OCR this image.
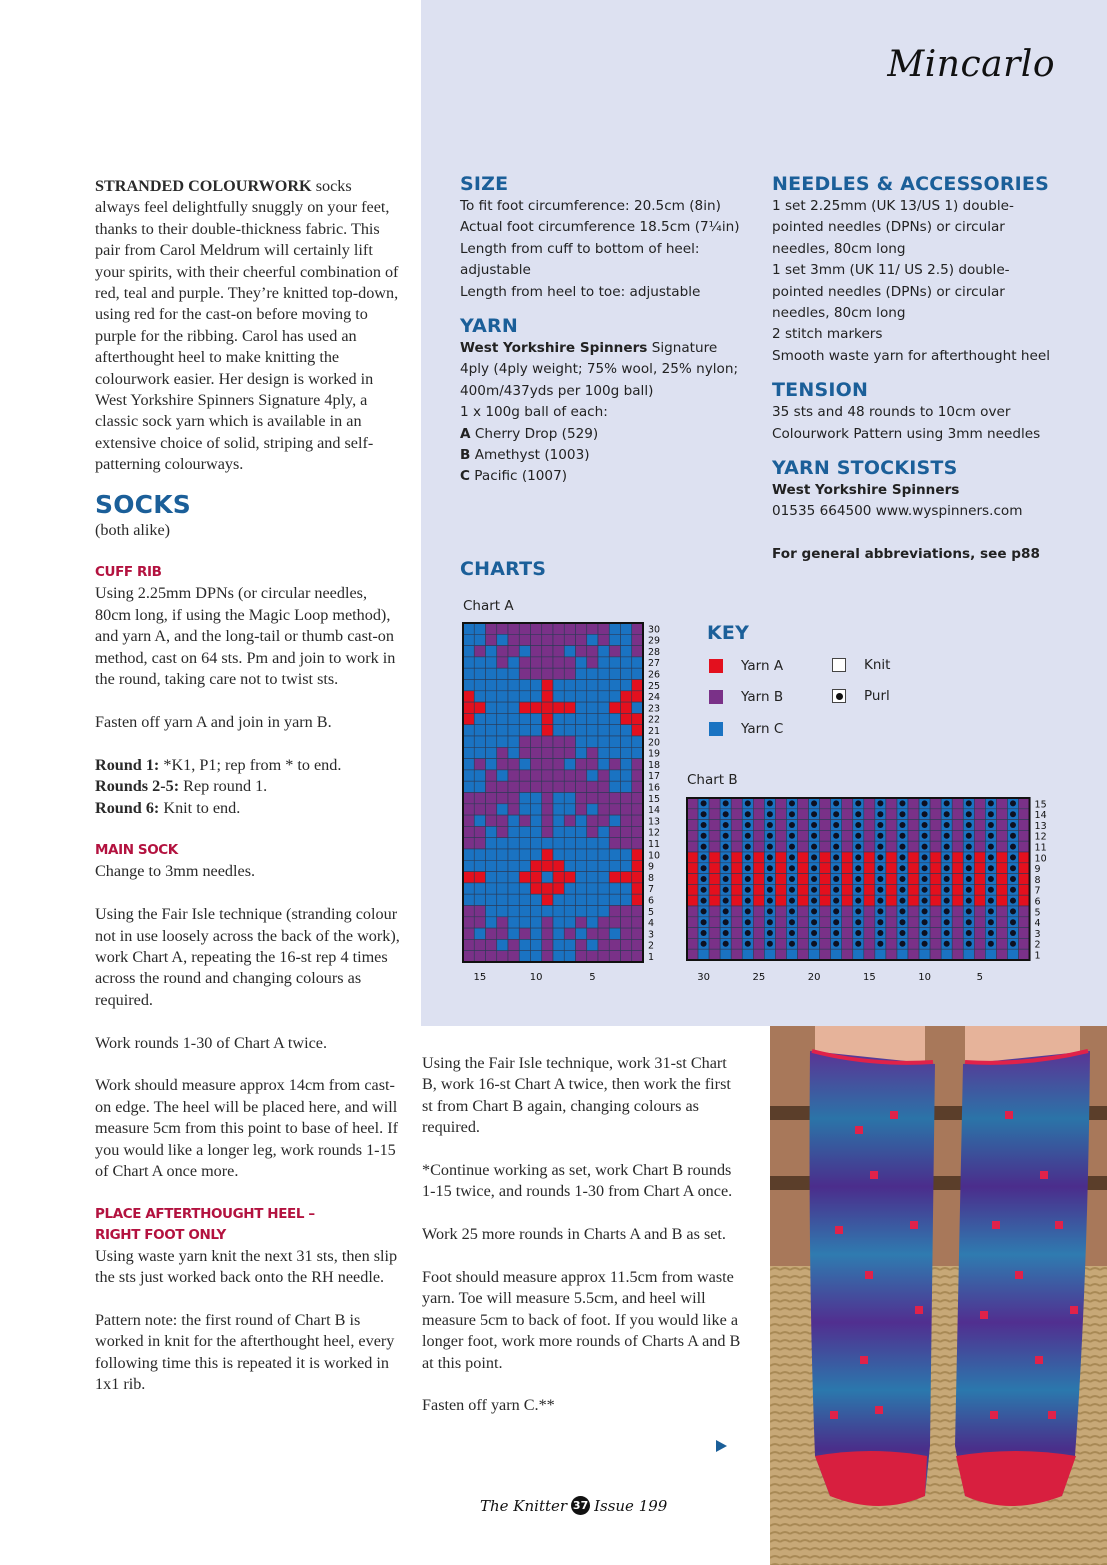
Mincarlo

STRANDED COLOURWORK socks always feel delightfully snuggly on your feet, thanks to their double-thickness fabric. This pair from Carol Meldrum will certainly lift your spirits, with their cheerful combination of red, teal and purple. They’re knitted top-down, using red for the cast-on before moving to purple for the ribbing. Carol has used an afterthought heel to make knitting the colourwork easier. Her design is worked in West Yorkshire Spinners Signature 4ply, a classic sock yarn which is available in an extensive choice of solid, striping and self-patterning colourways.

SOCKS

(both alike)

CUFF RIB

Using 2.25mm DPNs (or circular needles, 80cm long, if using the Magic Loop method), and yarn A, and the long-tail or thumb cast-on method, cast on 64 sts. Pm and join to work in the round, taking care not to twist sts.

Fasten off yarn A and join in yarn B.

Round 1: *K1, P1; rep from * to end.

Rounds 2-5: Rep round 1.

Round 6: Knit to end.

MAIN SOCK

Change to 3mm needles.

Using the Fair Isle technique (stranding colour not in use loosely across the back of the work), work Chart A, repeating the 16-st rep 4 times across the round and changing colours as required.

Work rounds 1-30 of Chart A twice.

Work should measure approx 14cm from cast-on edge. The heel will be placed here, and will measure 5cm from this point to base of heel. If you would like a longer leg, work rounds 1-15 of Chart A once more.

PLACE AFTERTHOUGHT HEEL –
RIGHT FOOT ONLY

Using waste yarn knit the next 31 sts, then slip the sts just worked back onto the RH needle.

Pattern note: the first round of Chart B is worked in knit for the afterthought heel, every following time this is repeated it is worked in 1x1 rib.

Using the Fair Isle technique, work 31-st Chart B, work 16-st Chart A twice, then work the first st from Chart B again, changing colours as required.

*Continue working as set, work Chart B rounds 1-15 twice, and rounds 1-30 from Chart A once.

Work 25 more rounds in Charts A and B as set.

Foot should measure approx 11.5cm from waste yarn. Toe will measure 5.5cm, and heel will measure 5cm to back of foot. If you would like a longer foot, work more rounds of Charts A and B at this point.

Fasten off yarn C.**

SIZE

To fit foot circumference: 20.5cm (8in)

Actual foot circumference 18.5cm (7¼in)

Length from cuff to bottom of heel: adjustable

Length from heel to toe: adjustable

YARN

West Yorkshire Spinners Signature 4ply (4ply weight; 75% wool, 25% nylon; 400m/437yds per 100g ball)

1 x 100g ball of each:

A Cherry Drop (529)

B Amethyst (1003)

C Pacific (1007)

NEEDLES & ACCESSORIES

1 set 2.25mm (UK 13/US 1) double-pointed needles (DPNs) or circular needles, 80cm long

1 set 3mm (UK 11/ US 2.5) double-pointed needles (DPNs) or circular needles, 80cm long

2 stitch markers

Smooth waste yarn for afterthought heel

TENSION

35 sts and 48 rounds to 10cm over Colourwork Pattern using 3mm needles

YARN STOCKISTS

West Yorkshire Spinners

01535 664500 www.wyspinners.com

For general abbreviations, see p88

CHARTS
Chart A
Chart B
30
29
28
27
26
25
24
23
22
21
20
19
18
17
16
15
14
13
12
11
10
9
8
7
6
5
4
3
2
1
15	10	5
15
14
13
12
11
10
9
8
7
6
5
4
3
2
1
30	25	20	15	10	5
KEY
Yarn A
Yarn B
Yarn C
Knit
Purl
The Knitter 37 Issue 199
